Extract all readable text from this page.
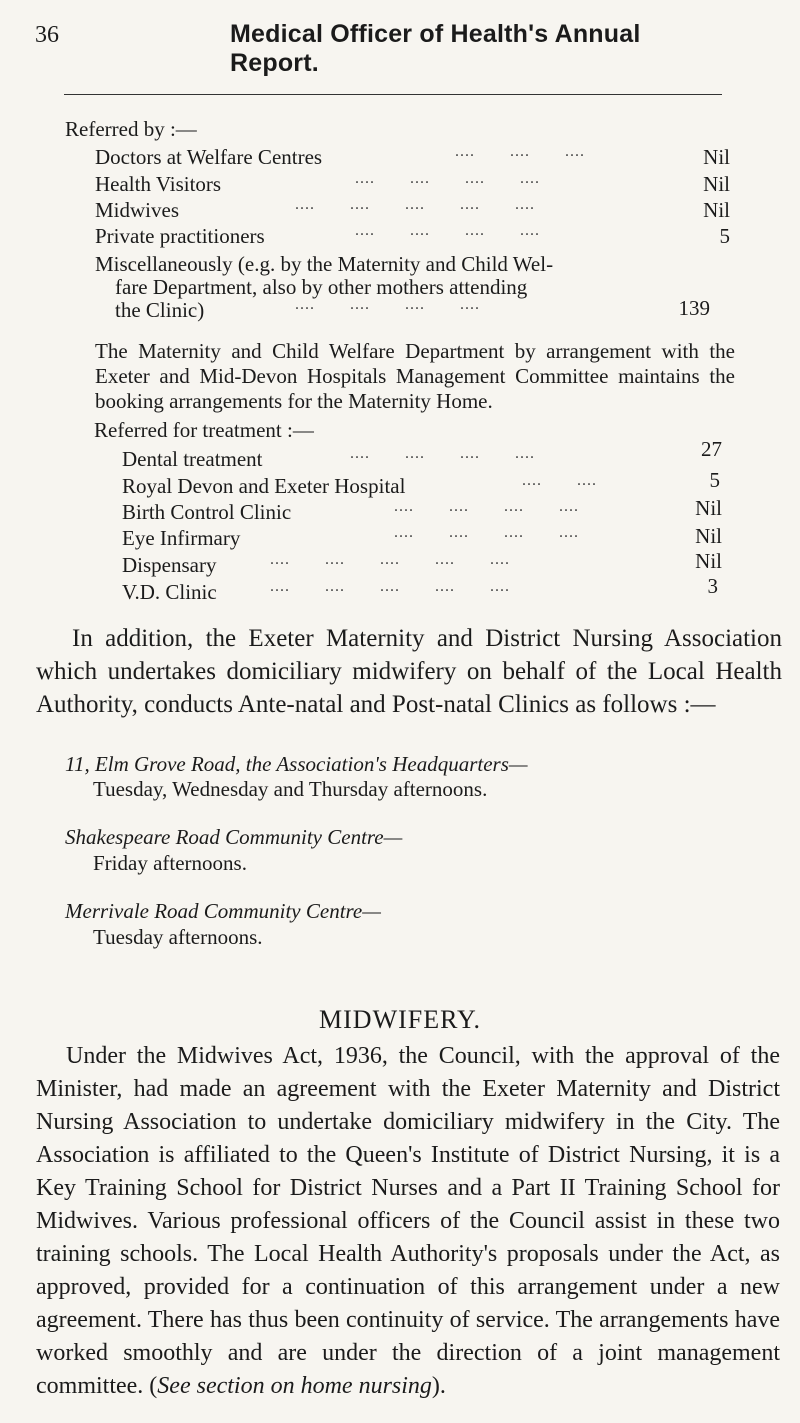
36	Medical Officer of Health's Annual Report.
Referred by :—
Doctors at Welfare Centres	....       ....       ....	Nil
Health Visitors	....       ....       ....       ....	Nil
Midwives	....       ....       ....       ....       ....	Nil
Private practitioners	....       ....       ....       ....	5
Miscellaneously (e.g. by the Maternity and Child Wel-
fare Department, also by other mothers attending
the Clinic)	....       ....       ....       ....	139
The Maternity and Child Welfare Department by arrangement with the Exeter and Mid-Devon Hospitals Management Committee maintains the booking arrangements for the Maternity Home.
Referred for treatment :—
Dental treatment	....       ....       ....       ....	27
Royal Devon and Exeter Hospital	....       ....	5
Birth Control Clinic	....       ....       ....       ....	Nil
Eye Infirmary	....       ....       ....       ....	Nil
Dispensary	....       ....       ....       ....       ....	Nil
V.D. Clinic	....       ....       ....       ....       ....	3
In addition, the Exeter Maternity and District Nursing Association which undertakes domiciliary midwifery on behalf of the Local Health Authority, conducts Ante-natal and Post-natal Clinics as follows :—
11, Elm Grove Road, the Association's Headquarters—
Tuesday, Wednesday and Thursday afternoons.
Shakespeare Road Community Centre—
Friday afternoons.
Merrivale Road Community Centre—
Tuesday afternoons.
MIDWIFERY.
Under the Midwives Act, 1936, the Council, with the approval of the Minister, had made an agreement with the Exeter Maternity and District Nursing Association to undertake domiciliary midwifery in the City. The Association is affiliated to the Queen's Institute of District Nursing, it is a Key Training School for District Nurses and a Part II Training School for Midwives. Various professional officers of the Council assist in these two training schools. The Local Health Authority's proposals under the Act, as approved, provided for a continuation of this arrangement under a new agreement. There has thus been continuity of service. The arrangements have worked smoothly and are under the direction of a joint management committee. (See section on home nursing).
